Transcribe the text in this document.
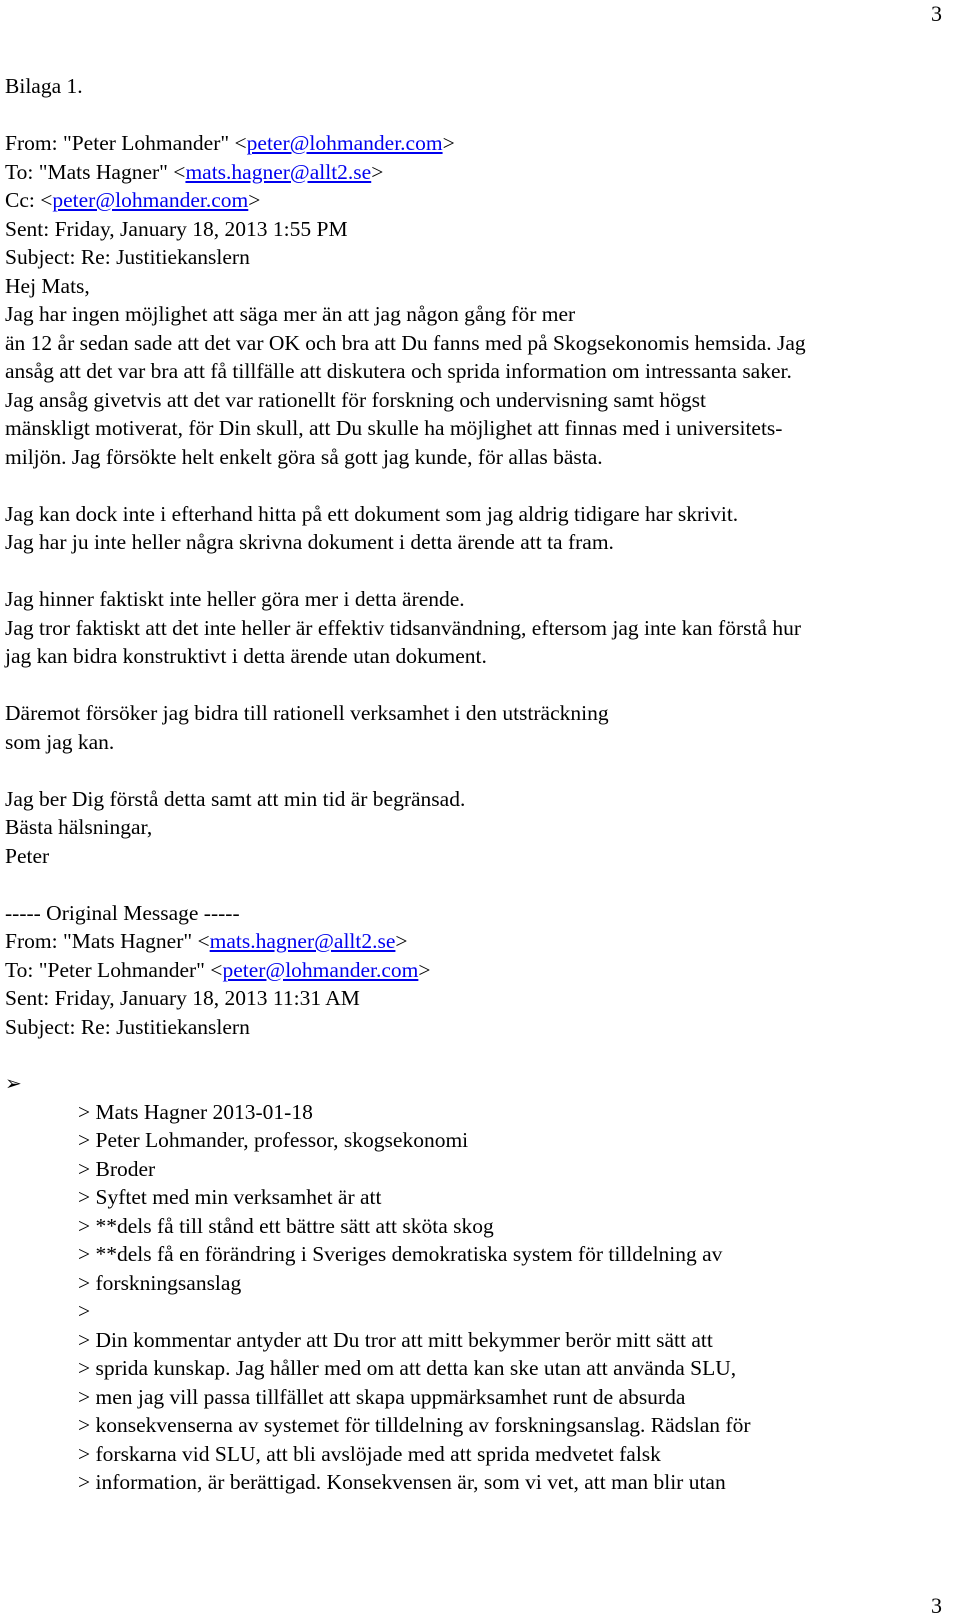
3
Bilaga 1.
From: "Peter Lohmander" <peter@lohmander.com>
To: "Mats Hagner" <mats.hagner@allt2.se>
Cc: <peter@lohmander.com>
Sent: Friday, January 18, 2013 1:55 PM
Subject: Re: Justitiekanslern
Hej Mats,
Jag har ingen möjlighet att säga mer än att jag någon gång för mer
än 12 år sedan sade att det var OK och bra att Du fanns med på Skogsekonomis hemsida. Jag
ansåg att det var bra att få tillfälle att diskutera och sprida information om intressanta saker.
Jag ansåg givetvis att det var rationellt för forskning och undervisning samt högst
mänskligt motiverat, för Din skull, att Du skulle ha möjlighet att finnas med i universitets-
miljön. Jag försökte helt enkelt göra så gott jag kunde, för allas bästa.
Jag kan dock inte i efterhand hitta på ett dokument som jag aldrig tidigare har skrivit.
Jag har ju inte heller några skrivna dokument i detta ärende att ta fram.
Jag hinner faktiskt inte heller göra mer i detta ärende.
Jag tror faktiskt att det inte heller är effektiv tidsanvändning, eftersom jag inte kan förstå hur
jag kan bidra konstruktivt i detta ärende utan dokument.
Däremot försöker jag bidra till rationell verksamhet i den utsträckning
som jag kan.
Jag ber Dig förstå detta samt att min tid är begränsad.
Bästa hälsningar,
Peter
----- Original Message -----
From: "Mats Hagner" <mats.hagner@allt2.se>
To: "Peter Lohmander" <peter@lohmander.com>
Sent: Friday, January 18, 2013 11:31 AM
Subject: Re: Justitiekanslern
➢
> Mats Hagner 2013-01-18
> Peter Lohmander, professor, skogsekonomi
> Broder
> Syftet med min verksamhet är att
> **dels få till stånd ett bättre sätt att sköta skog
> **dels få en förändring i Sveriges demokratiska system för tilldelning av
> forskningsanslag
>
> Din kommentar antyder att Du tror att mitt bekymmer berör mitt sätt att
> sprida kunskap. Jag håller med om att detta kan ske utan att använda SLU,
> men jag vill passa tillfället att skapa uppmärksamhet runt de absurda
> konsekvenserna av systemet för tilldelning av forskningsanslag. Rädslan för
> forskarna vid SLU, att bli avslöjade med att sprida medvetet falsk
> information, är berättigad. Konsekvensen är, som vi vet, att man blir utan
3
